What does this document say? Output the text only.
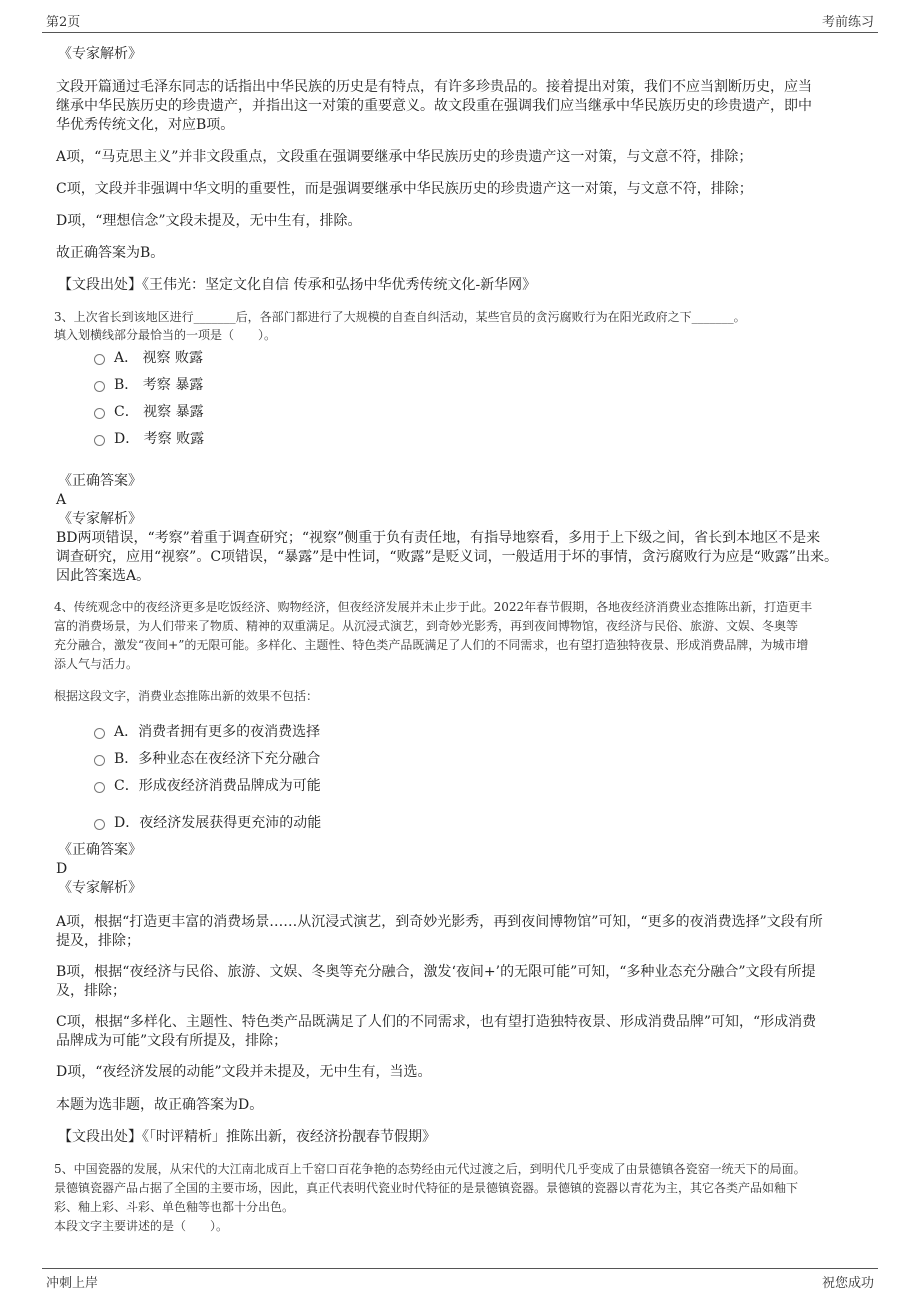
第2页	考前练习
《专家解析》
文段开篇通过毛泽东同志的话指出中华民族的历史是有特点，有许多珍贵品的。接着提出对策，我们不应当割断历史，应当
继承中华民族历史的珍贵遗产，并指出这一对策的重要意义。故文段重在强调我们应当继承中华民族历史的珍贵遗产，即中
华优秀传统文化，对应B项。
A项，“马克思主义”并非文段重点，文段重在强调要继承中华民族历史的珍贵遗产这一对策，与文意不符，排除；
C项，文段并非强调中华文明的重要性，而是强调要继承中华民族历史的珍贵遗产这一对策，与文意不符，排除；
D项，“理想信念”文段未提及，无中生有，排除。
故正确答案为B。
【文段出处】《王伟光：坚定文化自信 传承和弘扬中华优秀传统文化-新华网》
3、上次省长到该地区进行_______后，各部门都进行了大规模的自查自纠活动，某些官员的贪污腐败行为在阳光政府之下_______。
填入划横线部分最恰当的一项是（　　）。
A． 视察 败露
B． 考察 暴露
C． 视察 暴露
D． 考察 败露
《正确答案》
A
《专家解析》
BD两项错误，“考察”着重于调查研究；“视察”侧重于负有责任地，有指导地察看，多用于上下级之间，省长到本地区不是来
调查研究，应用“视察”。C项错误，“暴露”是中性词，“败露”是贬义词，一般适用于坏的事情，贪污腐败行为应是“败露”出来。
因此答案选A。
4、传统观念中的夜经济更多是吃饭经济、购物经济，但夜经济发展并未止步于此。2022年春节假期，各地夜经济消费业态推陈出新，打造更丰
富的消费场景，为人们带来了物质、精神的双重满足。从沉浸式演艺，到奇妙光影秀，再到夜间博物馆，夜经济与民俗、旅游、文娱、冬奥等
充分融合，激发“夜间+”的无限可能。多样化、主题性、特色类产品既满足了人们的不同需求，也有望打造独特夜景、形成消费品牌，为城市增
添人气与活力。
根据这段文字，消费业态推陈出新的效果不包括：
A．消费者拥有更多的夜消费选择
B．多种业态在夜经济下充分融合
C．形成夜经济消费品牌成为可能
D．夜经济发展获得更充沛的动能
《正确答案》
D
《专家解析》
A项，根据“打造更丰富的消费场景……从沉浸式演艺，到奇妙光影秀，再到夜间博物馆”可知，“更多的夜消费选择”文段有所
提及，排除；
B项，根据“夜经济与民俗、旅游、文娱、冬奥等充分融合，激发‘夜间+’的无限可能”可知，“多种业态充分融合”文段有所提
及，排除；
C项，根据“多样化、主题性、特色类产品既满足了人们的不同需求，也有望打造独特夜景、形成消费品牌”可知，“形成消费
品牌成为可能”文段有所提及，排除；
D项，“夜经济发展的动能”文段并未提及，无中生有，当选。
本题为选非题，故正确答案为D。
【文段出处】《「时评精析」推陈出新，夜经济扮靓春节假期》
5、中国瓷器的发展，从宋代的大江南北成百上千窑口百花争艳的态势经由元代过渡之后，到明代几乎变成了由景德镇各瓷窑一统天下的局面。
景德镇瓷器产品占据了全国的主要市场，因此，真正代表明代瓷业时代特征的是景德镇瓷器。景德镇的瓷器以青花为主，其它各类产品如釉下
彩、釉上彩、斗彩、单色釉等也都十分出色。
本段文字主要讲述的是（　　）。
冲刺上岸	祝您成功
